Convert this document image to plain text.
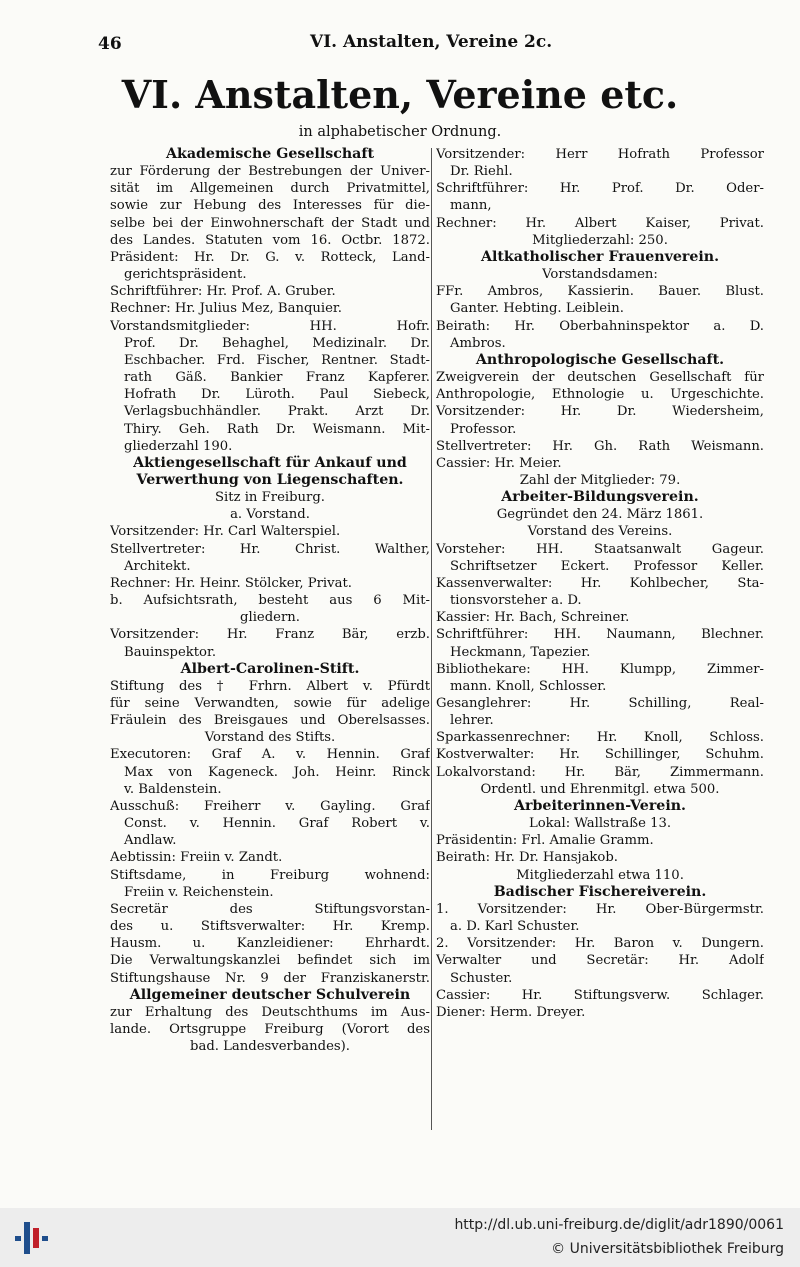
46	VI. Anstalten, Vereine 2c.
VI. Anstalten, Vereine etc.
in alphabetischer Ordnung.
Akademische Gesellschaft
zur Förderung der Bestrebungen der Univer-
sität im Allgemeinen durch Privatmittel,
sowie zur Hebung des Interesses für die-
selbe bei der Einwohnerschaft der Stadt und
des Landes. Statuten vom 16. Octbr. 1872.
Präsident: Hr. Dr. G. v. Rotteck, Land-
gerichtspräsident.
Schriftführer: Hr. Prof. A. Gruber.
Rechner: Hr. Julius Mez, Banquier.
Vorstandsmitglieder: HH. Hofr.
Prof. Dr. Behaghel, Medizinalr. Dr.
Eschbacher. Frd. Fischer, Rentner. Stadt-
rath Gäß. Bankier Franz Kapferer.
Hofrath Dr. Lüroth. Paul Siebeck,
Verlagsbuchhändler. Prakt. Arzt Dr.
Thiry. Geh. Rath Dr. Weismann. Mit-
gliederzahl 190.
Aktiengesellschaft für Ankauf und
Verwerthung von Liegenschaften.
Sitz in Freiburg.
a. Vorstand.
Vorsitzender: Hr. Carl Walterspiel.
Stellvertreter: Hr. Christ. Walther,
Architekt.
Rechner: Hr. Heinr. Stölcker, Privat.
b. Aufsichtsrath, besteht aus 6 Mit-
gliedern.
Vorsitzender: Hr. Franz Bär, erzb.
Bauinspektor.
Albert-Carolinen-Stift.
Stiftung des † Frhrn. Albert v. Pfürdt
für seine Verwandten, sowie für adelige
Fräulein des Breisgaues und Oberelsasses.
Vorstand des Stifts.
Executoren: Graf A. v. Hennin. Graf
Max von Kageneck. Joh. Heinr. Rinck
v. Baldenstein.
Ausschuß: Freiherr v. Gayling. Graf
Const. v. Hennin. Graf Robert v.
Andlaw.
Aebtissin: Freiin v. Zandt.
Stiftsdame, in Freiburg wohnend:
Freiin v. Reichenstein.
Secretär des Stiftungsvorstan-
des u. Stiftsverwalter: Hr. Kremp.
Hausm. u. Kanzleidiener: Ehrhardt.
Die Verwaltungskanzlei befindet sich im
Stiftungshause Nr. 9 der Franziskanerstr.
Allgemeiner deutscher Schulverein
zur Erhaltung des Deutschthums im Aus-
lande. Ortsgruppe Freiburg (Vorort des
bad. Landesverbandes).
Vorsitzender: Herr Hofrath Professor
Dr. Riehl.
Schriftführer: Hr. Prof. Dr. Oder-
mann,
Rechner: Hr. Albert Kaiser, Privat.
Mitgliederzahl: 250.
Altkatholischer Frauenverein.
Vorstandsdamen:
FFr. Ambros, Kassierin. Bauer. Blust.
Ganter. Hebting. Leiblein.
Beirath: Hr. Oberbahninspektor a. D.
Ambros.
Anthropologische Gesellschaft.
Zweigverein der deutschen Gesellschaft für
Anthropologie, Ethnologie u. Urgeschichte.
Vorsitzender: Hr. Dr. Wiedersheim,
Professor.
Stellvertreter: Hr. Gh. Rath Weismann.
Cassier: Hr. Meier.
Zahl der Mitglieder: 79.
Arbeiter-Bildungsverein.
Gegründet den 24. März 1861.
Vorstand des Vereins.
Vorsteher: HH. Staatsanwalt Gageur.
Schriftsetzer Eckert. Professor Keller.
Kassenverwalter: Hr. Kohlbecher, Sta-
tionsvorsteher a. D.
Kassier: Hr. Bach, Schreiner.
Schriftführer: HH. Naumann, Blechner.
Heckmann, Tapezier.
Bibliothekare: HH. Klumpp, Zimmer-
mann. Knoll, Schlosser.
Gesanglehrer: Hr. Schilling, Real-
lehrer.
Sparkassenrechner: Hr. Knoll, Schloss.
Kostverwalter: Hr. Schillinger, Schuhm.
Lokalvorstand: Hr. Bär, Zimmermann.
Ordentl. und Ehrenmitgl. etwa 500.
Arbeiterinnen-Verein.
Lokal: Wallstraße 13.
Präsidentin: Frl. Amalie Gramm.
Beirath: Hr. Dr. Hansjakob.
Mitgliederzahl etwa 110.
Badischer Fischereiverein.
1. Vorsitzender: Hr. Ober-Bürgermstr.
a. D. Karl Schuster.
2. Vorsitzender: Hr. Baron v. Dungern.
Verwalter und Secretär: Hr. Adolf
Schuster.
Cassier: Hr. Stiftungsverw. Schlager.
Diener: Herm. Dreyer.
http://dl.ub.uni-freiburg.de/diglit/adr1890/0061
© Universitätsbibliothek Freiburg
